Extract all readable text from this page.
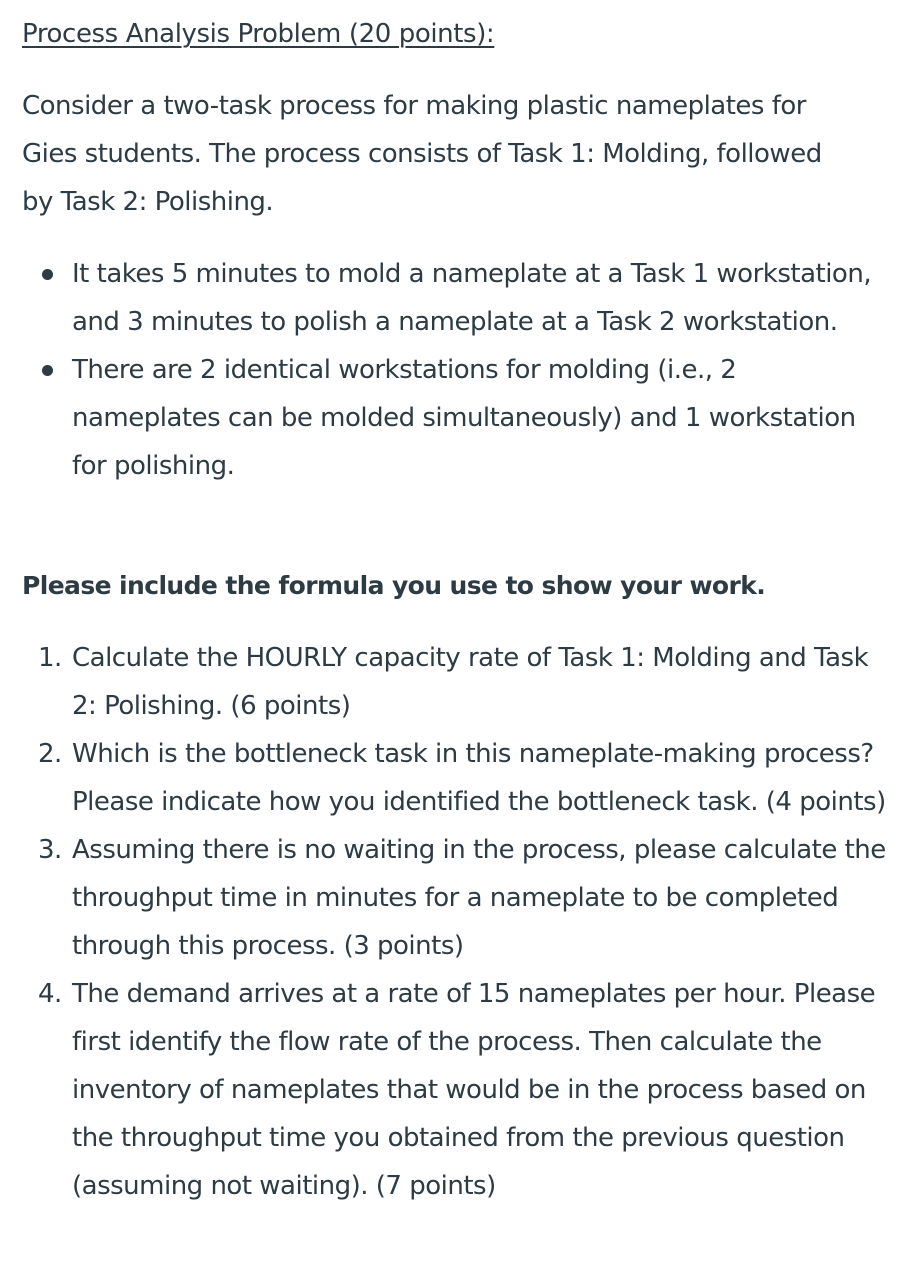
Process Analysis Problem (20 points):

Consider a two-task process for making plastic nameplates for Gies students. The process consists of Task 1: Molding, followed by Task 2: Polishing.

It takes 5 minutes to mold a nameplate at a Task 1 workstation, and 3 minutes to polish a nameplate at a Task 2 workstation.
There are 2 identical workstations for molding (i.e., 2 nameplates can be molded simultaneously) and 1 workstation for polishing.
Please include the formula you use to show your work.
1. Calculate the HOURLY capacity rate of Task 1: Molding and Task 2: Polishing. (6 points)
2. Which is the bottleneck task in this nameplate-making process? Please indicate how you identified the bottleneck task. (4 points)
3. Assuming there is no waiting in the process, please calculate the throughput time in minutes for a nameplate to be completed through this process. (3 points)
4. The demand arrives at a rate of 15 nameplates per hour. Please first identify the flow rate of the process. Then calculate the inventory of nameplates that would be in the process based on the throughput time you obtained from the previous question (assuming not waiting). (7 points)
